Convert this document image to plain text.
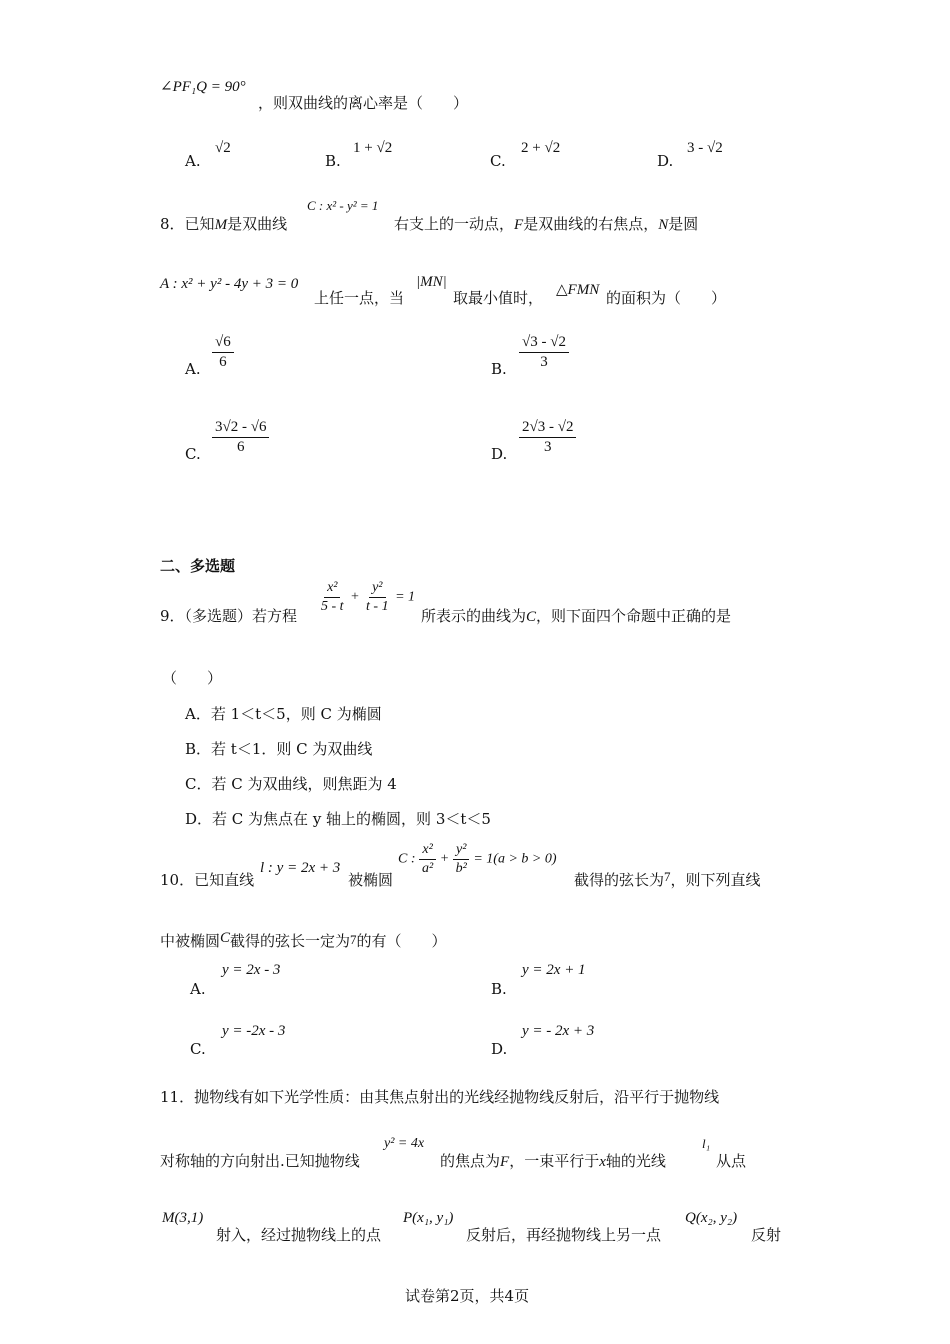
∠PF₁Q = 90°
，则双曲线的离心率是（　　）
A.
√2
B.
1 + √2
C.
2 + √2
D.
3 - √2
8．已知M是双曲线
C : x² - y² = 1
右支上的一动点，F是双曲线的右焦点，N是圆
A : x² + y² - 4y + 3 = 0
上任一点，当
|MN|
取最小值时， △FMN 的面积为（　　）
A. $\frac{√6}{6}$	B. $\frac{√3 - √2}{3}$
C. $\frac{3√2 - √6}{6}$	D. $\frac{2√3 - √2}{3}$
二、多选题
9．（多选题）若方程
$\frac{\text{x²}}{5 - t} + \frac{\text{y²}}{t - 1} = 1$
所表示的曲线为C，则下面四个命题中正确的是
（　　）
A．若 1＜t＜5，则 C 为椭圆
B．若 t＜1．则 C 为双曲线
C．若 C 为双曲线，则焦距为 4
D．若 C 为焦点在 y 轴上的椭圆，则 3＜t＜5
10．已知直线
l : y = 2x + 3
被椭圆
C : $\frac{\text{x²}}{\text{a²}} + \frac{\text{y²}}{\text{b²}} = 1(a > b > 0)$
截得的弦长为7，则下列直线
中被椭圆C截得的弦长一定为7的有（　　）
A.
y = 2x - 3
B.
y = 2x + 1
C.
y = -2x - 3
D.
y = - 2x + 3
11．抛物线有如下光学性质：由其焦点射出的光线经抛物线反射后，沿平行于抛物线
对称轴的方向射出.已知抛物线
y² = 4x
的焦点为F，一束平行于x轴的光线
l₁
从点
M(3,1)
射入，经过抛物线上的点
P(x₁, y₁)
反射后，再经抛物线上另一点
Q(x₂, y₂)
反射
试卷第2页，共4页
